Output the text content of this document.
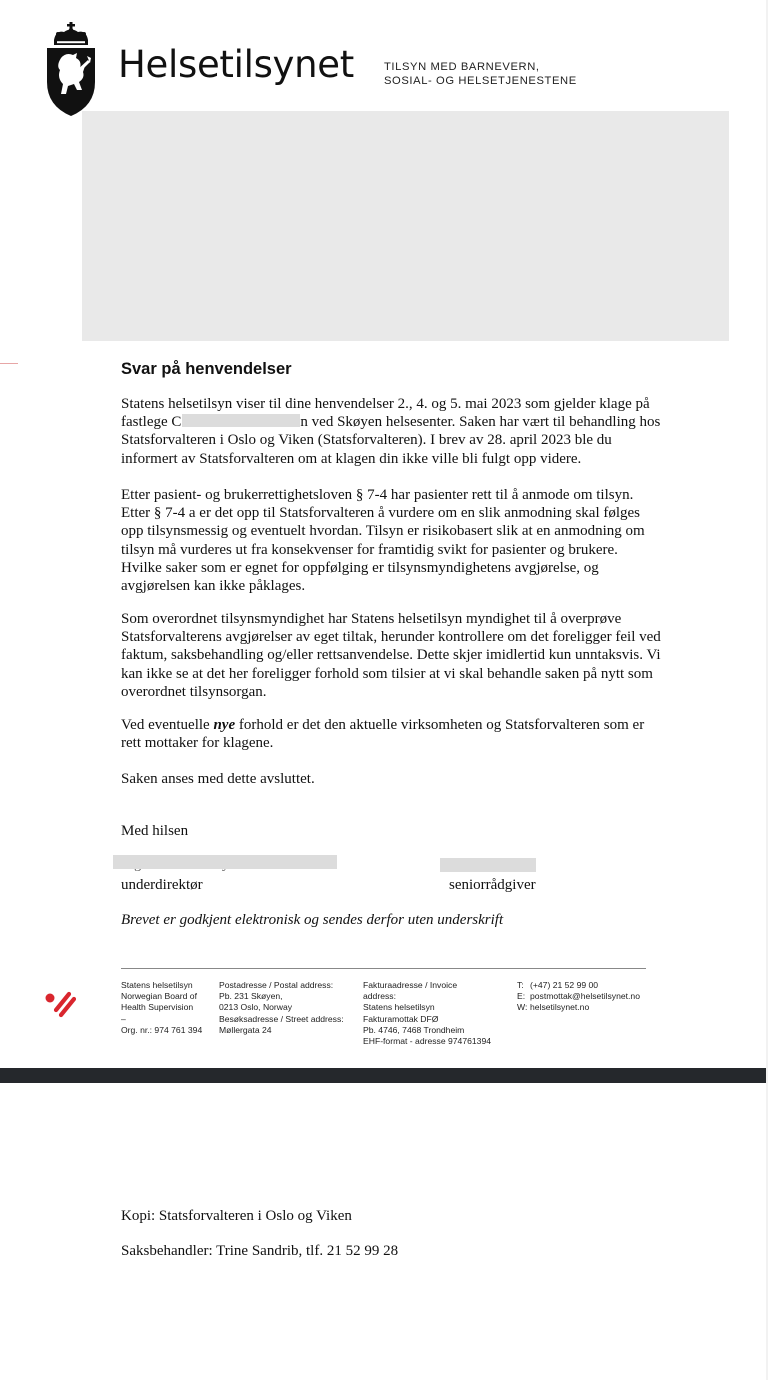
Helsetilsynet	TILSYN MED BARNEVERN,
SOSIAL- OG HELSETJENESTENE
Svar på henvendelser
Statens helsetilsyn viser til dine henvendelser 2., 4. og 5. mai 2023 som gjelder klage på fastlege C	n ved Skøyen helsesenter. Saken har vært til behandling hos Statsforvalteren i Oslo og Viken (Statsforvalteren). I brev av 28. april 2023 ble du informert av Statsforvalteren om at klagen din ikke ville bli fulgt opp videre.
Etter pasient- og brukerrettighetsloven § 7-4 har pasienter rett til å anmode om tilsyn. Etter § 7-4 a er det opp til Statsforvalteren å vurdere om en slik anmodning skal følges opp tilsynsmessig og eventuelt hvordan. Tilsyn er risikobasert slik at en anmodning om tilsyn må vurderes ut fra konsekvenser for framtidig svikt for pasienter og brukere. Hvilke saker som er egnet for oppfølging er tilsynsmyndighetens avgjørelse, og avgjørelsen kan ikke påklages.
Som overordnet tilsynsmyndighet har Statens helsetilsyn myndighet til å overprøve Statsforvalterens avgjørelser av eget tiltak, herunder kontrollere om det foreligger feil ved faktum, saksbehandling og/eller rettsanvendelse. Dette skjer imidlertid kun unntaksvis. Vi kan ikke se at det her foreligger forhold som tilsier at vi skal behandle saken på nytt som overordnet tilsynsorgan.
Ved eventuelle nye forhold er det den aktuelle virksomheten og Statsforvalteren som er rett mottaker for klagene.
Saken anses med dette avsluttet.
Med hilsen
underdirektør	seniorrådgiver
Brevet er godkjent elektronisk og sendes derfor uten underskrift
Statens helsetilsyn
Norwegian Board of
Health Supervision
–
Org. nr.: 974 761 394
Postadresse / Postal address:
Pb. 231 Skøyen,
0213 Oslo, Norway
Besøksadresse / Street address:
Møllergata 24
Fakturaadresse / Invoice
address:
Statens helsetilsyn
Fakturamottak DFØ
Pb. 4746, 7468 Trondheim
EHF-format - adresse 974761394
T: (+47) 21 52 99 00
E: postmottak@helsetilsynet.no
W: helsetilsynet.no
Kopi: Statsforvalteren i Oslo og Viken
Saksbehandler: Trine Sandrib, tlf. 21 52 99 28
